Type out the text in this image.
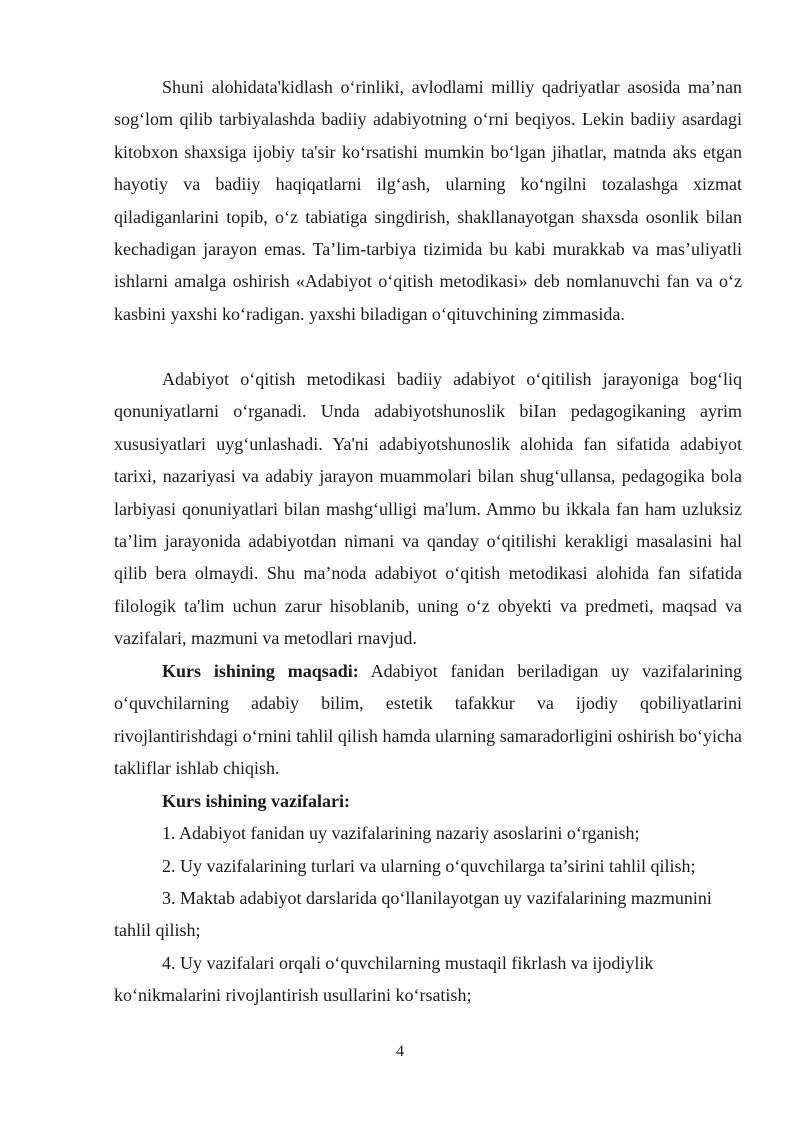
Shuni alohidata'kidlash o‘rinliki, avlodlami milliy qadriyatlar asosida ma’nan sog‘lom qilib tarbiyalashda badiiy adabiyotning o‘rni beqiyos. Lekin badiiy asardagi kitobxon shaxsiga ijobiy ta'sir ko‘rsatishi mumkin bo‘lgan jihatlar, matnda aks etgan hayotiy va badiiy haqiqatlarni ilg‘ash, ularning ko‘ngilni tozalashga xizmat qiladiganlarini topib, o‘z tabiatiga singdirish, shakllanayotgan shaxsda osonlik bilan kechadigan jarayon emas. Ta’lim-tarbiya tizimida bu kabi murakkab va mas’uliyatli ishlarni amalga oshirish «Adabiyot o‘qitish metodikasi» deb nomlanuvchi fan va o‘z kasbini yaxshi ko‘radigan. yaxshi biladigan o‘qituvchining zimmasida.

Adabiyot o‘qitish metodikasi badiiy adabiyot o‘qitilish jarayoniga bog‘liq qonuniyatlarni o‘rganadi. Unda adabiyotshunoslik biIan pedagogikaning ayrim xususiyatlari uyg‘unlashadi. Ya'ni adabiyotshunoslik alohida fan sifatida adabiyot tarixi, nazariyasi va adabiy jarayon muammolari bilan shug‘ullansa, pedagogika bola larbiyasi qonuniyatlari bilan mashg‘ulligi ma'lum. Ammo bu ikkala fan ham uzluksiz ta’lim jarayonida adabiyotdan nimani va qanday o‘qitilishi kerakligi masalasini hal qilib bera olmaydi. Shu ma’noda adabiyot o‘qitish metodikasi alohida fan sifatida filologik ta'lim uchun zarur hisoblanib, uning o‘z obyekti va predmeti, maqsad va vazifalari, mazmuni va metodlari rnavjud.

Kurs ishining maqsadi: Adabiyot fanidan beriladigan uy vazifalarining o‘quvchilarning adabiy bilim, estetik tafakkur va ijodiy qobiliyatlarini rivojlantirishdagi o‘rnini tahlil qilish hamda ularning samaradorligini oshirish bo‘yicha takliflar ishlab chiqish.

Kurs ishining vazifalari:

1. Adabiyot fanidan uy vazifalarining nazariy asoslarini o‘rganish;

2. Uy vazifalarining turlari va ularning o‘quvchilarga ta’sirini tahlil qilish;

3. Maktab adabiyot darslarida qo‘llanilayotgan uy vazifalarining mazmunini tahlil qilish;

4. Uy vazifalari orqali o‘quvchilarning mustaqil fikrlash va ijodiylik ko‘nikmalarini rivojlantirish usullarini ko‘rsatish;

4
